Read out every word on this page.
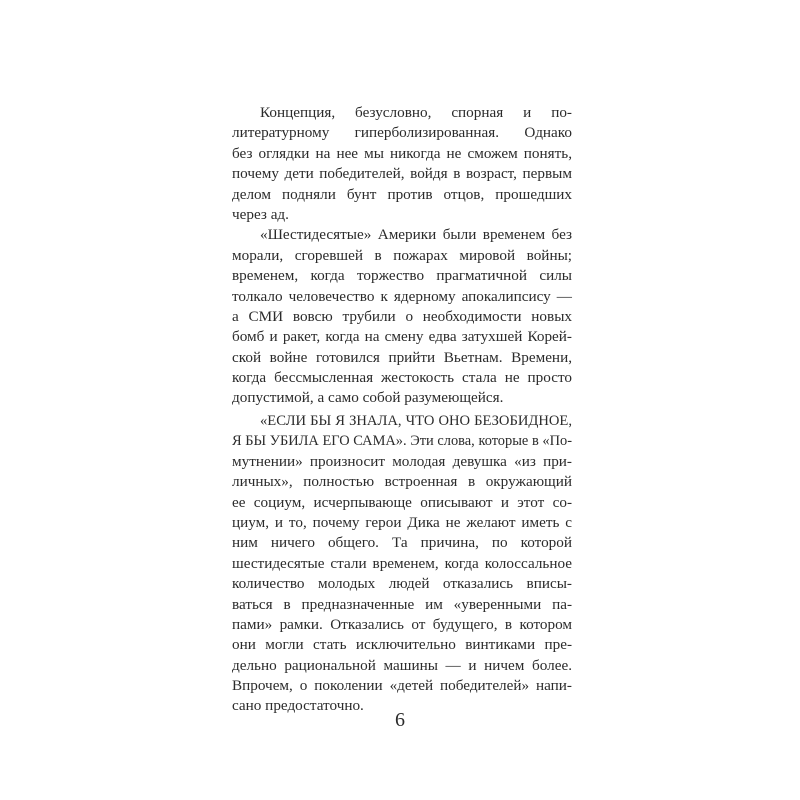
Концепция, безусловно, спорная и по-
литературному гиперболизированная. Однако
без оглядки на нее мы никогда не сможем понять,
почему дети победителей, войдя в возраст, первым
делом подняли бунт против отцов, прошедших
через ад.
«Шестидесятые» Америки были временем без
морали, сгоревшей в пожарах мировой войны;
временем, когда торжество прагматичной силы
толкало человечество к ядерному апокалипсису —
а СМИ вовсю трубили о необходимости новых
бомб и ракет, когда на смену едва затухшей Корей-
ской войне готовился прийти Вьетнам. Времени,
когда бессмысленная жестокость стала не просто
допустимой, а само собой разумеющейся.
«ЕСЛИ БЫ Я ЗНАЛА, ЧТО ОНО БЕЗОБИДНОЕ,
Я БЫ УБИЛА ЕГО САМА». Эти слова, которые в «По-
мутнении» произносит молодая девушка «из при-
личных», полностью встроенная в окружающий
ее социум, исчерпывающе описывают и этот со-
циум, и то, почему герои Дика не желают иметь с
ним ничего общего. Та причина, по которой
шестидесятые стали временем, когда колоссальное
количество молодых людей отказались вписы-
ваться в предназначенные им «уверенными па-
пами» рамки. Отказались от будущего, в котором
они могли стать исключительно винтиками пре-
дельно рациональной машины — и ничем более.
Впрочем, о поколении «детей победителей» напи-
сано предостаточно.
6
